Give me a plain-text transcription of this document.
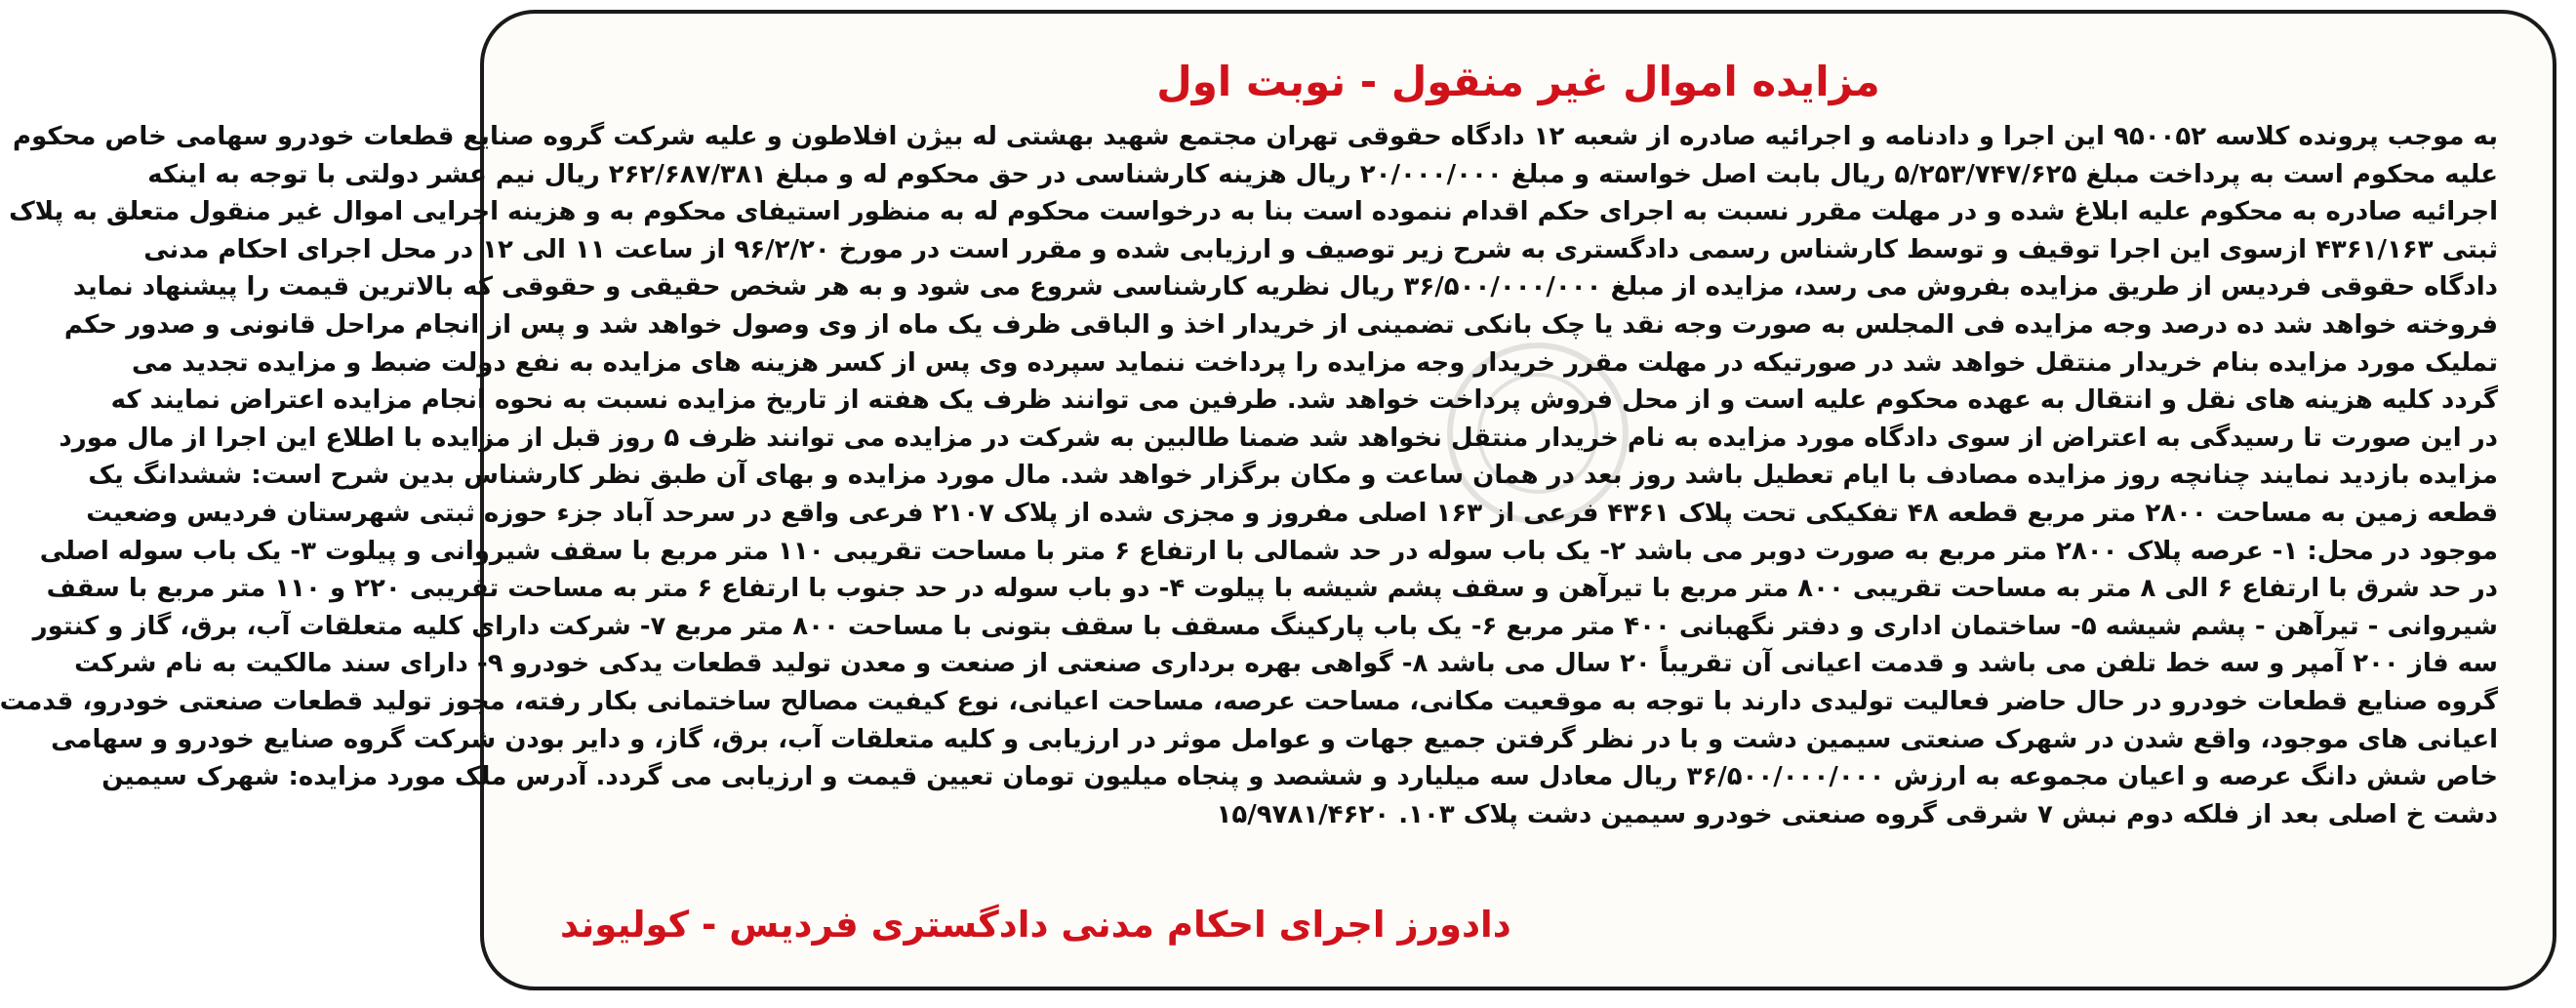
مزایده اموال غیر منقول - نوبت اول
به موجب پرونده کلاسه ۹۵۰۰۵۲ این اجرا و دادنامه و اجرائیه صادره از شعبه ۱۲ دادگاه حقوقی تهران مجتمع شهید بهشتی له بیژن افلاطون و علیه شرکت گروه صنایع قطعات خودرو سهامی خاص محکوم
علیه محکوم است به پرداخت مبلغ ۵/۲۵۳/۷۴۷/۶۲۵ ریال بابت اصل خواسته و مبلغ ۲۰/۰۰۰/۰۰۰ ریال هزینه کارشناسی در حق محکوم له و مبلغ ۲۶۲/۶۸۷/۳۸۱ ریال نیم عشر دولتی با توجه به اینکه
اجرائیه صادره به محکوم علیه ابلاغ شده و در مهلت مقرر نسبت به اجرای حکم اقدام ننموده است بنا به درخواست محکوم له به منظور استیفای محکوم به و هزینه اجرایی اموال غیر منقول متعلق به پلاک
ثبتی ۴۳۶۱/۱۶۳ ازسوی این اجرا توقیف و توسط کارشناس رسمی دادگستری به شرح زیر توصیف و ارزیابی شده و مقرر است در مورخ ۹۶/۲/۲۰ از ساعت ۱۱ الی ۱۲ در محل اجرای احکام مدنی
دادگاه حقوقی فردیس از طریق مزایده بفروش می رسد، مزایده از مبلغ ۳۶/۵۰۰/۰۰۰/۰۰۰ ریال نظریه کارشناسی شروع می شود و به هر شخص حقیقی و حقوقی که بالاترین قیمت را پیشنهاد نماید
فروخته خواهد شد ده درصد وجه مزایده فی المجلس به صورت وجه نقد یا چک بانکی تضمینی از خریدار اخذ و الباقی ظرف یک ماه از وی وصول خواهد شد و پس از انجام مراحل قانونی و صدور حکم
تملیک مورد مزایده بنام خریدار منتقل خواهد شد در صورتیکه در مهلت مقرر خریدار وجه مزایده را پرداخت ننماید سپرده وی پس از کسر هزینه های مزایده به نفع دولت ضبط و مزایده تجدید می
گردد کلیه هزینه های نقل و انتقال به عهده محکوم علیه است و از محل فروش پرداخت خواهد شد. طرفین می توانند ظرف یک هفته از تاریخ مزایده نسبت به نحوه انجام مزایده اعتراض نمایند که
در این صورت تا رسیدگی به اعتراض از سوی دادگاه مورد مزایده به نام خریدار منتقل نخواهد شد ضمنا طالبین به شرکت در مزایده می توانند ظرف ۵ روز قبل از مزایده با اطلاع این اجرا از مال مورد
مزایده بازدید نمایند چنانچه روز مزایده مصادف با ایام تعطیل باشد روز بعد در همان ساعت و مکان برگزار خواهد شد. مال مورد مزایده و بهای آن طبق نظر کارشناس بدین شرح است: ششدانگ یک
قطعه زمین به مساحت ۲۸۰۰ متر مربع قطعه ۴۸ تفکیکی تحت پلاک ۴۳۶۱ فرعی از ۱۶۳ اصلی مفروز و مجزی شده از پلاک ۲۱۰۷ فرعی واقع در سرحد آباد جزء حوزه ثبتی شهرستان فردیس وضعیت
موجود در محل: ۱- عرصه پلاک ۲۸۰۰ متر مربع به صورت دوبر می باشد ۲- یک باب سوله در حد شمالی با ارتفاع ۶ متر با مساحت تقریبی ۱۱۰ متر مربع با سقف شیروانی و پیلوت ۳- یک باب سوله اصلی
در حد شرق با ارتفاع ۶ الی ۸ متر به مساحت تقریبی ۸۰۰ متر مربع با تیرآهن و سقف پشم شیشه با پیلوت ۴- دو باب سوله در حد جنوب با ارتفاع ۶ متر به مساحت تقریبی ۲۲۰ و ۱۱۰ متر مربع با سقف
شیروانی - تیرآهن - پشم شیشه ۵- ساختمان اداری و دفتر نگهبانی ۴۰۰ متر مربع ۶- یک باب پارکینگ مسقف با سقف بتونی با مساحت ۸۰۰ متر مربع ۷- شرکت دارای کلیه متعلقات آب، برق، گاز و کنتور
سه فاز ۲۰۰ آمپر و سه خط تلفن می باشد و قدمت اعیانی آن تقریباً ۲۰ سال می باشد ۸- گواهی بهره برداری صنعتی از صنعت و معدن تولید قطعات یدکی خودرو ۹- دارای سند مالکیت به نام شرکت
گروه صنایع قطعات خودرو در حال حاضر فعالیت تولیدی دارند با توجه به موقعیت مکانی، مساحت عرصه، مساحت اعیانی، نوع کیفیت مصالح ساختمانی بکار رفته، مجوز تولید قطعات صنعتی خودرو، قدمت
اعیانی های موجود، واقع شدن در شهرک صنعتی سیمین دشت و با در نظر گرفتن جمیع جهات و عوامل موثر در ارزیابی و کلیه متعلقات آب، برق، گاز، و دایر بودن شرکت گروه صنایع خودرو و سهامی
خاص شش دانگ عرصه و اعیان مجموعه به ارزش ۳۶/۵۰۰/۰۰۰/۰۰۰ ریال معادل سه میلیارد و ششصد و پنجاه میلیون تومان تعیین قیمت و ارزیابی می گردد. آدرس ملک مورد مزایده: شهرک سیمین
دشت خ اصلی بعد از فلکه دوم نبش ۷ شرقی گروه صنعتی خودرو سیمین دشت پلاک ۱۰۳. ۱۵/۹۷۸۱/۴۶۲۰
دادورز اجرای احکام مدنی دادگستری فردیس - کولیوند
